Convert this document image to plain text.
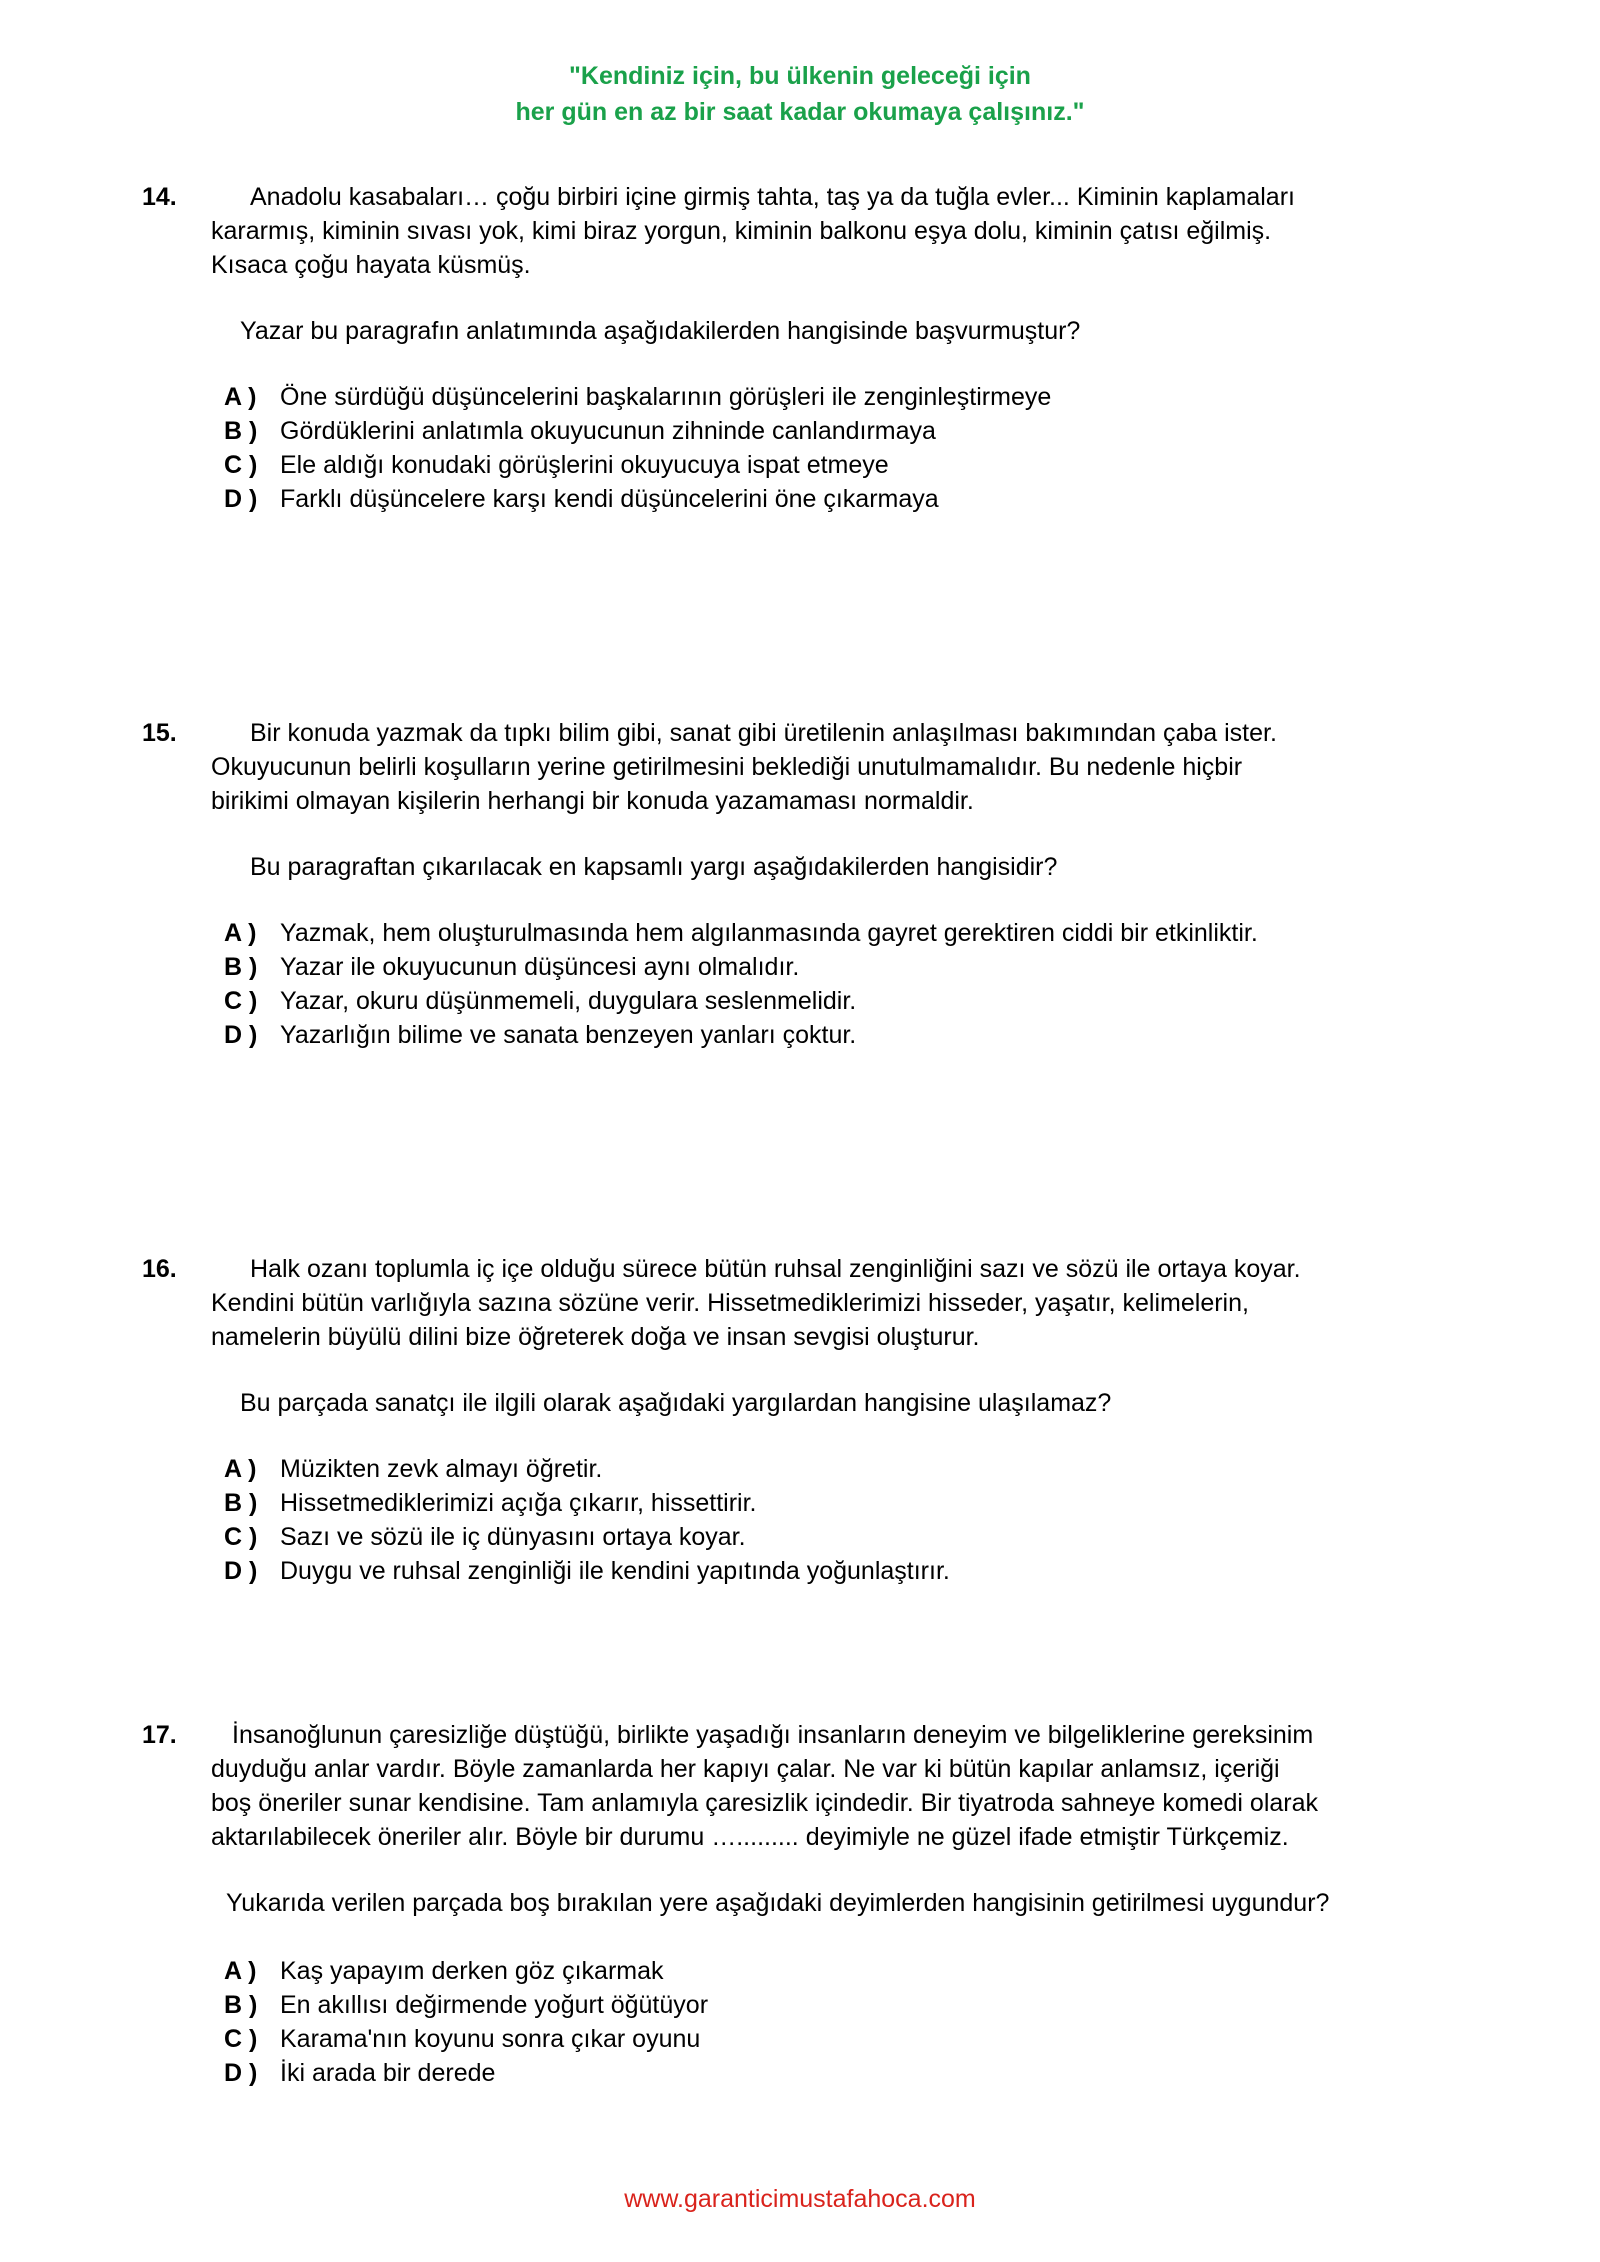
"Kendiniz için, bu ülkenin geleceği için
her gün en az bir saat kadar okumaya çalışınız."
14.	Anadolu kasabaları… çoğu birbiri içine girmiş tahta, taş ya da tuğla evler... Kiminin kaplamaları
kararmış, kiminin sıvası yok, kimi biraz yorgun, kiminin balkonu eşya dolu, kiminin çatısı eğilmiş.
Kısaca çoğu hayata küsmüş.
Yazar bu paragrafın anlatımında aşağıdakilerden hangisinde başvurmuştur?
A ) Öne sürdüğü düşüncelerini başkalarının görüşleri ile zenginleştirmeye
B ) Gördüklerini anlatımla okuyucunun zihninde canlandırmaya
C ) Ele aldığı konudaki görüşlerini okuyucuya ispat etmeye
D ) Farklı düşüncelere karşı kendi düşüncelerini öne çıkarmaya
15.	Bir konuda yazmak da tıpkı bilim gibi, sanat gibi üretilenin anlaşılması bakımından çaba ister.
Okuyucunun belirli koşulların yerine getirilmesini beklediği unutulmamalıdır. Bu nedenle hiçbir
birikimi olmayan kişilerin herhangi bir konuda yazamaması normaldir.
Bu paragraftan çıkarılacak en kapsamlı yargı aşağıdakilerden hangisidir?
A ) Yazmak, hem oluşturulmasında hem algılanmasında gayret gerektiren ciddi bir etkinliktir.
B ) Yazar ile okuyucunun düşüncesi aynı olmalıdır.
C ) Yazar, okuru düşünmemeli, duygulara seslenmelidir.
D ) Yazarlığın bilime ve sanata benzeyen yanları çoktur.
16.	Halk ozanı toplumla iç içe olduğu sürece bütün ruhsal zenginliğini sazı ve sözü ile ortaya koyar.
Kendini bütün varlığıyla sazına sözüne verir. Hissetmediklerimizi hisseder, yaşatır, kelimelerin,
namelerin büyülü dilini bize öğreterek doğa ve insan sevgisi oluşturur.
Bu parçada sanatçı ile ilgili olarak aşağıdaki yargılardan hangisine ulaşılamaz?
A ) Müzikten zevk almayı öğretir.
B ) Hissetmediklerimizi açığa çıkarır, hissettirir.
C ) Sazı ve sözü ile iç dünyasını ortaya koyar.
D ) Duygu ve ruhsal zenginliği ile kendini yapıtında yoğunlaştırır.
17. İnsanoğlunun çaresizliğe düştüğü, birlikte yaşadığı insanların deneyim ve bilgeliklerine gereksinim
duyduğu anlar vardır. Böyle zamanlarda her kapıyı çalar. Ne var ki bütün kapılar anlamsız, içeriği
boş öneriler sunar kendisine. Tam anlamıyla çaresizlik içindedir. Bir tiyatroda sahneye komedi olarak
aktarılabilecek öneriler alır. Böyle bir durumu …......... deyimiyle ne güzel ifade etmiştir Türkçemiz.
Yukarıda verilen parçada boş bırakılan yere aşağıdaki deyimlerden hangisinin getirilmesi uygundur?
A ) Kaş yapayım derken göz çıkarmak
B ) En akıllısı değirmende yoğurt öğütüyor
C ) Karama'nın koyunu sonra çıkar oyunu
D ) İki arada bir derede
www.garanticimustafahoca.com
